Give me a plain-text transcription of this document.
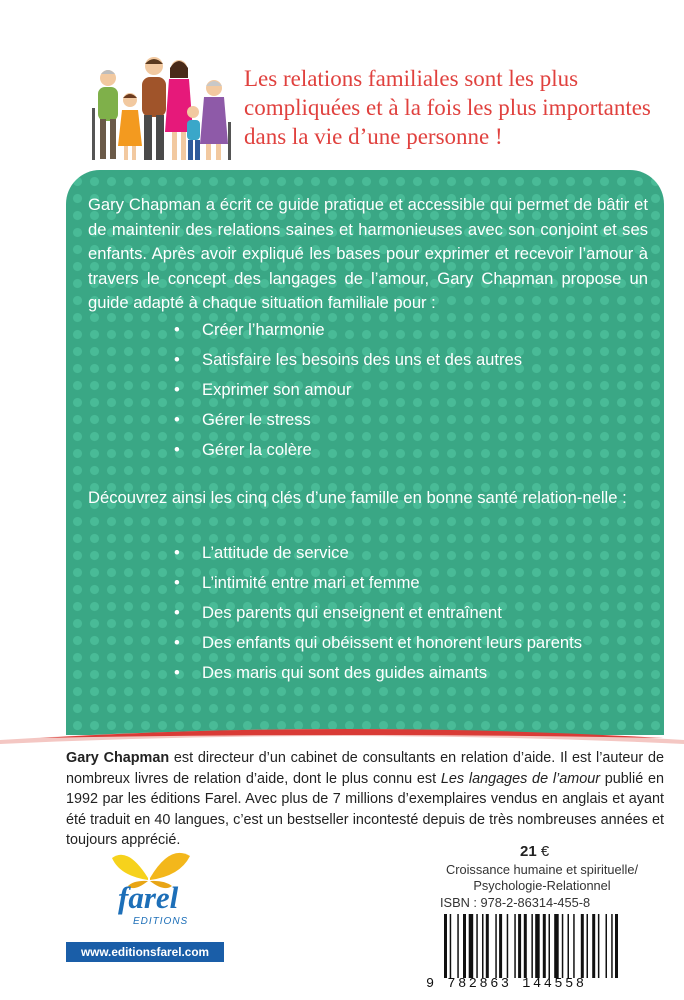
Les relations familiales sont les plus compliquées et à la fois les plus importantes dans la vie d’une personne !

Gary Chapman a écrit ce guide pratique et accessible qui permet de bâtir et de maintenir des relations saines et harmonieuses avec son conjoint et ses enfants. Après avoir expliqué les bases pour exprimer et recevoir l’amour à travers le concept des langages de l’amour, Gary Chapman propose un guide adapté à chaque situation familiale pour :

• Créer l’harmonie
• Satisfaire les besoins des uns et des autres
• Exprimer son amour
• Gérer le stress
• Gérer la colère

Découvrez ainsi les cinq clés d’une famille en bonne santé relation-nelle :

• L’attitude de service
• L’intimité entre mari et femme
• Des parents qui enseignent et entraînent
• Des enfants qui obéissent et honorent leurs parents
• Des maris qui sont des guides aimants

Gary Chapman est directeur d’un cabinet de consultants en relation d’aide. Il est l’auteur de nombreux livres de relation d’aide, dont le plus connu est Les langages de l’amour publié en 1992 par les éditions Farel. Avec plus de 7 millions d’exemplaires vendus en anglais et ayant été traduit en 40 langues, c’est un bestseller incontesté depuis de très nombreuses années et toujours apprécié.

21 €
Croissance humaine et spirituelle/ Psychologie-Relationnel
ISBN : 978-2-86314-455-8
9 782863 144558
farel
EDITIONS
www.editionsfarel.com
